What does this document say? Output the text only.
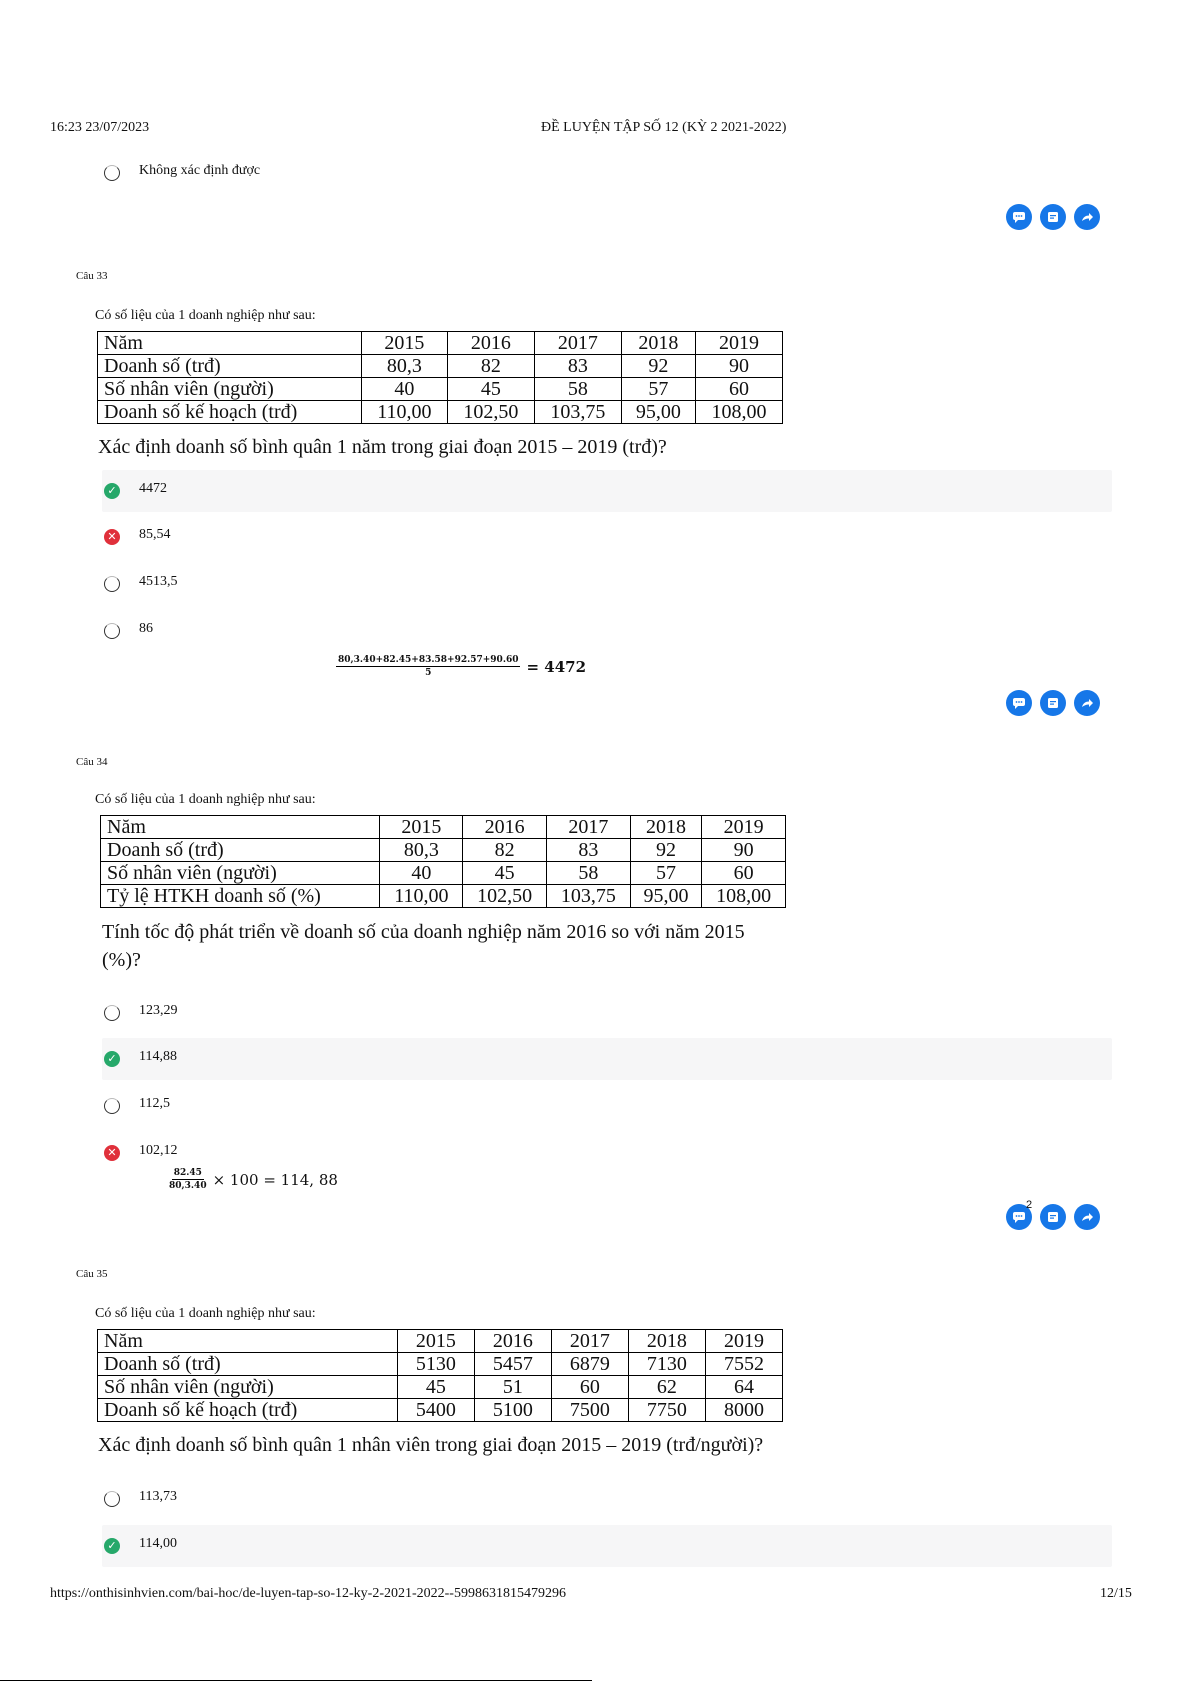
16:23 23/07/2023	ĐỀ LUYỆN TẬP SỐ 12 (KỲ 2 2021-2022)
Không xác định được
Câu 33
Có số liệu của 1 doanh nghiệp như sau:
Năm	2015	2016	2017	2018	2019
Doanh số (trđ)	80,3	82	83	92	90
Số nhân viên (người)	40	45	58	57	60
Doanh số kế hoạch (trđ)	110,00	102,50	103,75	95,00	108,00
Xác định doanh số bình quân 1 năm trong giai đoạn 2015 – 2019 (trđ)?
✓ 4472
✕ 85,54
4513,5
86
$\frac{80,3.40+82.45+83.58+92.57+90.60}{5} = 4472$
Câu 34
Có số liệu của 1 doanh nghiệp như sau:
Năm	2015	2016	2017	2018	2019
Doanh số (trđ)	80,3	82	83	92	90
Số nhân viên (người)	40	45	58	57	60
Tỷ lệ HTKH doanh số (%)	110,00	102,50	103,75	95,00	108,00
Tính tốc độ phát triển về doanh số của doanh nghiệp năm 2016 so với năm 2015
(%)?
123,29
✓ 114,88
112,5
✕ 102,12
$\frac{82.45}{80,3.40} \times 100 = 114$, 88
2
Câu 35
Có số liệu của 1 doanh nghiệp như sau:
Năm	2015	2016	2017	2018	2019
Doanh số (trđ)	5130	5457	6879	7130	7552
Số nhân viên (người)	45	51	60	62	64
Doanh số kế hoạch (trđ)	5400	5100	7500	7750	8000
Xác định doanh số bình quân 1 nhân viên trong giai đoạn 2015 – 2019 (trđ/người)?
113,73
✓ 114,00
https://onthisinhvien.com/bai-hoc/de-luyen-tap-so-12-ky-2-2021-2022--5998631815479296	12/15
